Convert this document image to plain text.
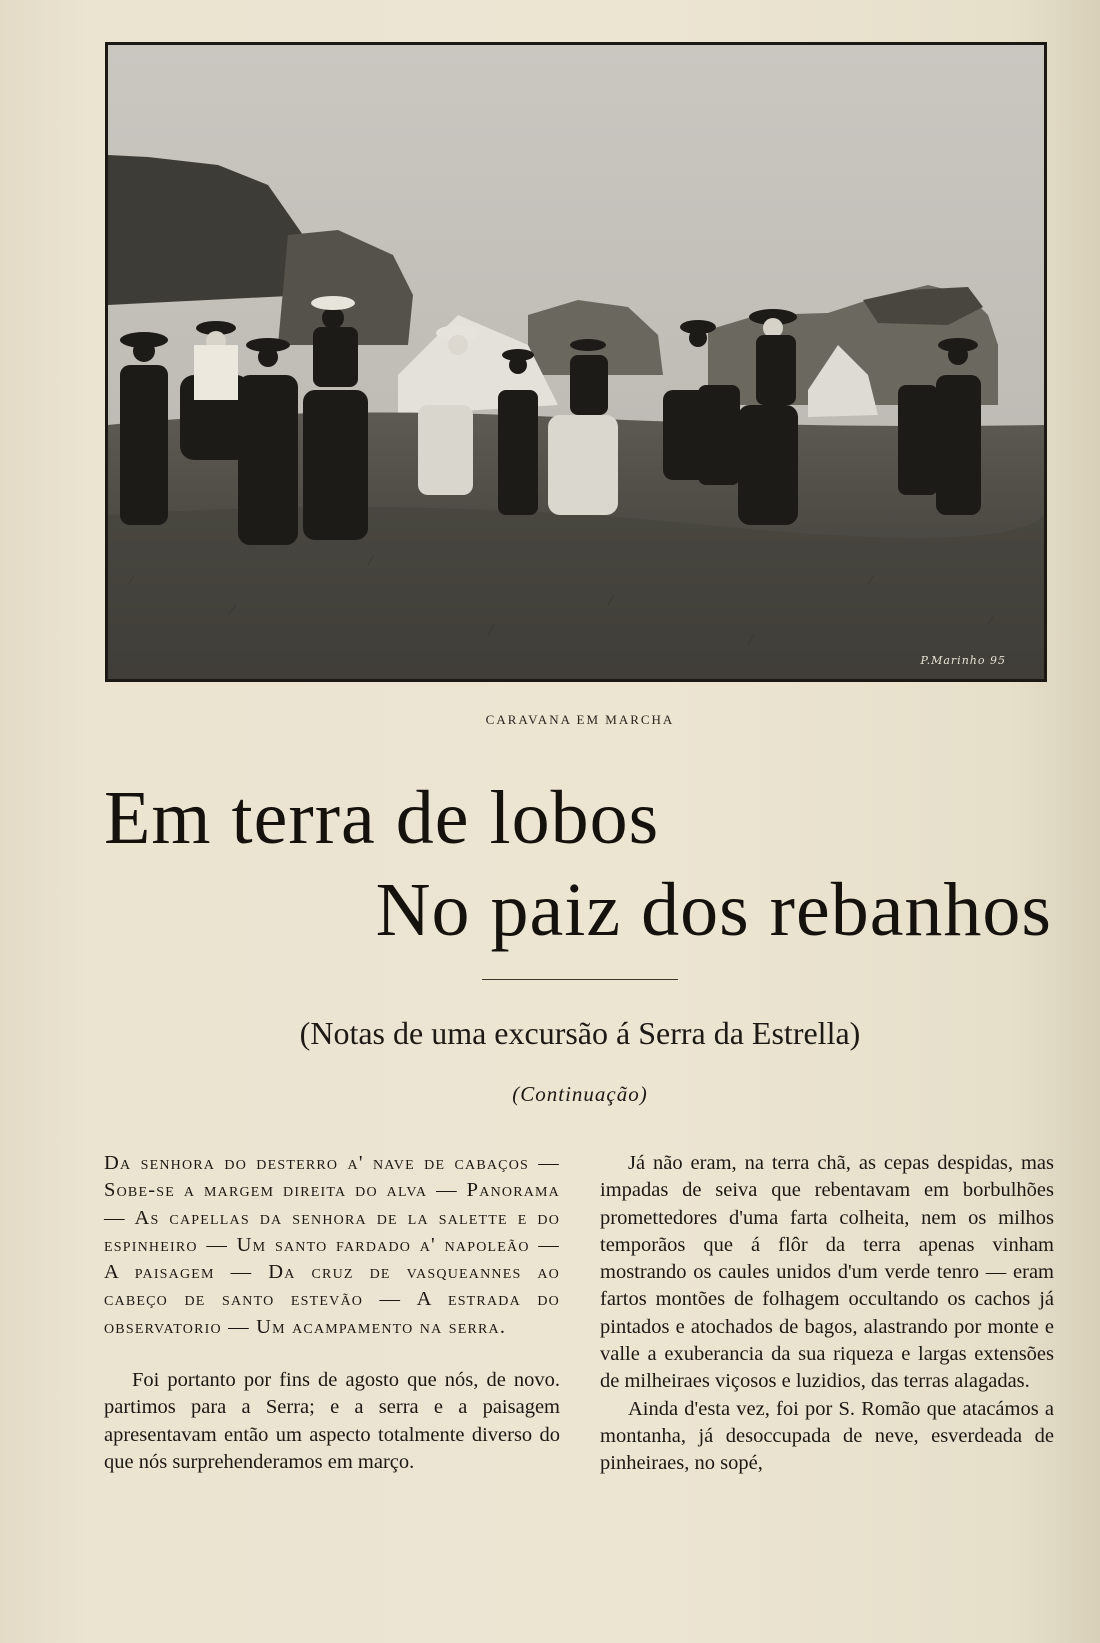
P.Marinho 95
CARAVANA EM MARCHA
Em terra de lobos
No paiz dos rebanhos
(Notas de uma excursão á Serra da Estrella)
(Continuação)

Da senhora do desterro a' nave de cabaços — Sobe-se a margem direita do alva — Panorama — As capellas da senhora de la salette e do espinheiro — Um santo fardado a' napoleão — A paisagem — Da cruz de vasqueannes ao cabeço de santo estevão — A estrada do observatorio — Um acampamento na serra.

Foi portanto por fins de agosto que nós, de novo. partimos para a Serra; e a serra e a paisagem apresentavam então um aspecto totalmente diverso do que nós surprehenderamos em março.

Já não eram, na terra chã, as cepas despidas, mas impadas de seiva que rebentavam em borbulhões promettedores d'uma farta colheita, nem os milhos temporãos que á flôr da terra apenas vinham mostrando os caules unidos d'um verde tenro — eram fartos montões de folhagem occultando os cachos já pintados e atochados de bagos, alastrando por monte e valle a exuberancia da sua riqueza e largas extensões de milheiraes viçosos e luzidios, das terras alagadas.

Ainda d'esta vez, foi por S. Romão que atacámos a montanha, já desoccupada de neve, esverdeada de pinheiraes, no sopé,
